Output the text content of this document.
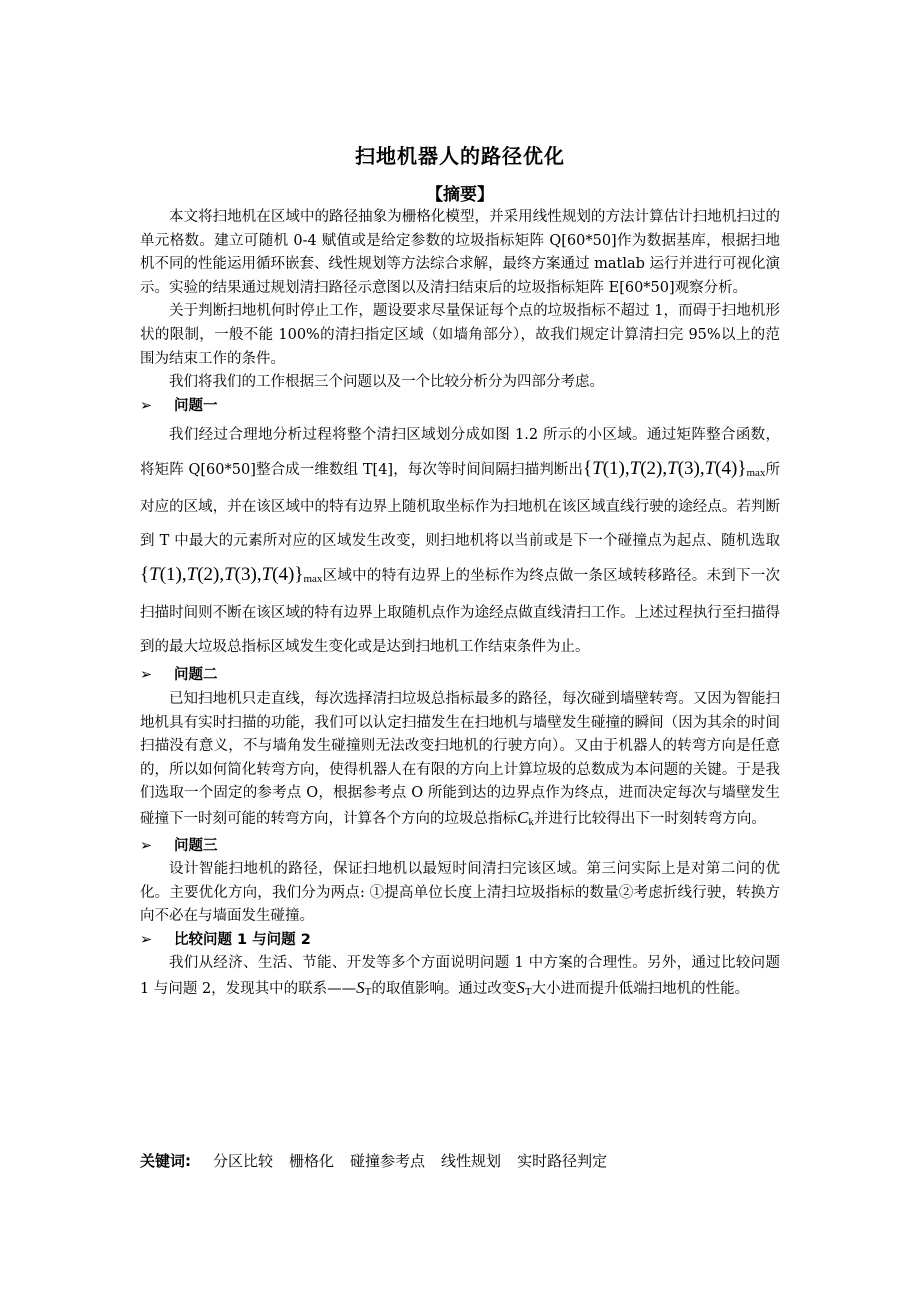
扫地机器人的路径优化
【摘要】

本文将扫地机在区域中的路径抽象为栅格化模型，并采用线性规划的方法计算估计扫地机扫过的单元格数。建立可随机 0-4 赋值或是给定参数的垃圾指标矩阵 Q[60*50]作为数据基库，根据扫地机不同的性能运用循环嵌套、线性规划等方法综合求解，最终方案通过 matlab 运行并进行可视化演示。实验的结果通过规划清扫路径示意图以及清扫结束后的垃圾指标矩阵 E[60*50]观察分析。

关于判断扫地机何时停止工作，题设要求尽量保证每个点的垃圾指标不超过 1，而碍于扫地机形状的限制，一般不能 100%的清扫指定区域（如墙角部分），故我们规定计算清扫完 95%以上的范围为结束工作的条件。

我们将我们的工作根据三个问题以及一个比较分析分为四部分考虑。

➢ 问题一

我们经过合理地分析过程将整个清扫区域划分成如图 1.2 所示的小区域。通过矩阵整合函数，将矩阵 Q[60*50]整合成一维数组 T[4]，每次等时间间隔扫描判断出{T(1),T(2),T(3),T(4)}max所对应的区域，并在该区域中的特有边界上随机取坐标作为扫地机在该区域直线行驶的途经点。若判断到 T 中最大的元素所对应的区域发生改变，则扫地机将以当前或是下一个碰撞点为起点、随机选取{T(1),T(2),T(3),T(4)}max区域中的特有边界上的坐标作为终点做一条区域转移路径。未到下一次扫描时间则不断在该区域的特有边界上取随机点作为途经点做直线清扫工作。上述过程执行至扫描得到的最大垃圾总指标区域发生变化或是达到扫地机工作结束条件为止。

➢ 问题二

已知扫地机只走直线，每次选择清扫垃圾总指标最多的路径，每次碰到墙壁转弯。又因为智能扫地机具有实时扫描的功能，我们可以认定扫描发生在扫地机与墙壁发生碰撞的瞬间（因为其余的时间扫描没有意义，不与墙角发生碰撞则无法改变扫地机的行驶方向）。又由于机器人的转弯方向是任意的，所以如何简化转弯方向，使得机器人在有限的方向上计算垃圾的总数成为本问题的关键。于是我们选取一个固定的参考点 O，根据参考点 O 所能到达的边界点作为终点，进而决定每次与墙壁发生碰撞下一时刻可能的转弯方向，计算各个方向的垃圾总指标Ck并进行比较得出下一时刻转弯方向。

➢ 问题三

设计智能扫地机的路径，保证扫地机以最短时间清扫完该区域。第三问实际上是对第二问的优化。主要优化方向，我们分为两点: ①提高单位长度上清扫垃圾指标的数量②考虑折线行驶，转换方向不必在与墙面发生碰撞。

➢ 比较问题 1 与问题 2

我们从经济、生活、节能、开发等多个方面说明问题 1 中方案的合理性。另外，通过比较问题 1 与问题 2，发现其中的联系——ST的取值影响。通过改变ST大小进而提升低端扫地机的性能。

关键词: 分区比较 栅格化 碰撞参考点 线性规划 实时路径判定
